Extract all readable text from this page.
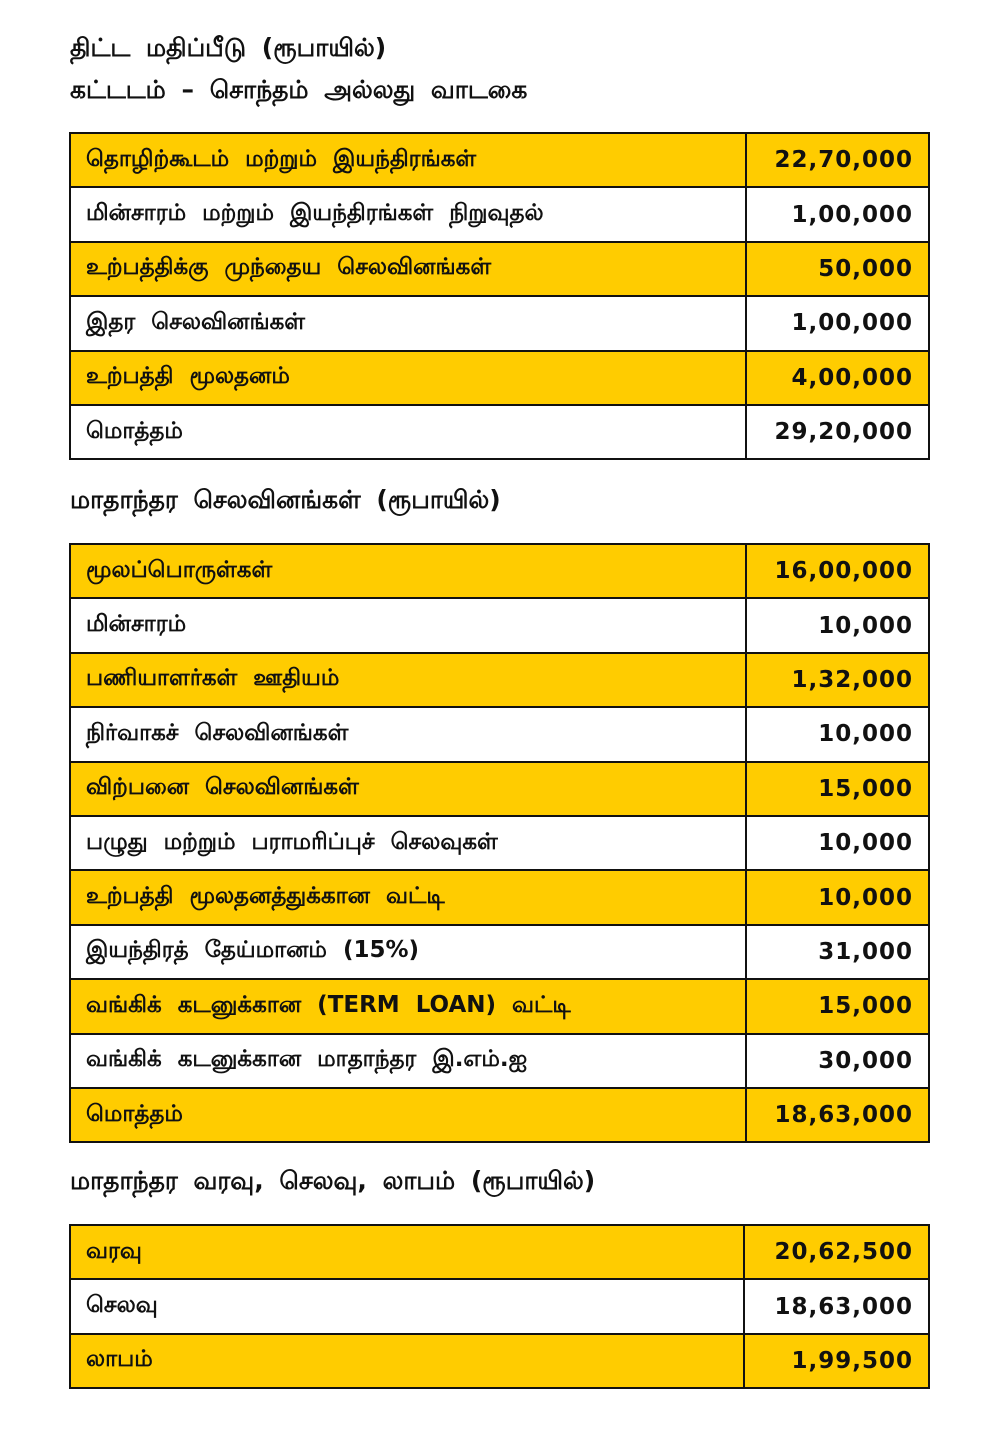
திட்ட மதிப்பீடு (ரூபாயில்)
கட்டடம் – சொந்தம் அல்லது வாடகை
தொழிற்கூடம் மற்றும் இயந்திரங்கள்	22,70,000
மின்சாரம் மற்றும் இயந்திரங்கள் நிறுவுதல்	1,00,000
உற்பத்திக்கு முந்தைய செலவினங்கள்	50,000
இதர செலவினங்கள்	1,00,000
உற்பத்தி மூலதனம்	4,00,000
மொத்தம்	29,20,000
மாதாந்தர செலவினங்கள் (ரூபாயில்)
மூலப்பொருள்கள்	16,00,000
மின்சாரம்	10,000
பணியாளர்கள் ஊதியம்	1,32,000
நிர்வாகச் செலவினங்கள்	10,000
விற்பனை செலவினங்கள்	15,000
பழுது மற்றும் பராமரிப்புச் செலவுகள்	10,000
உற்பத்தி மூலதனத்துக்கான வட்டி	10,000
இயந்திரத் தேய்மானம் (15%)	31,000
வங்கிக் கடனுக்கான (TERM LOAN) வட்டி	15,000
வங்கிக் கடனுக்கான மாதாந்தர இ.எம்.ஐ	30,000
மொத்தம்	18,63,000
மாதாந்தர வரவு, செலவு, லாபம் (ரூபாயில்)
வரவு	20,62,500
செலவு	18,63,000
லாபம்	1,99,500
